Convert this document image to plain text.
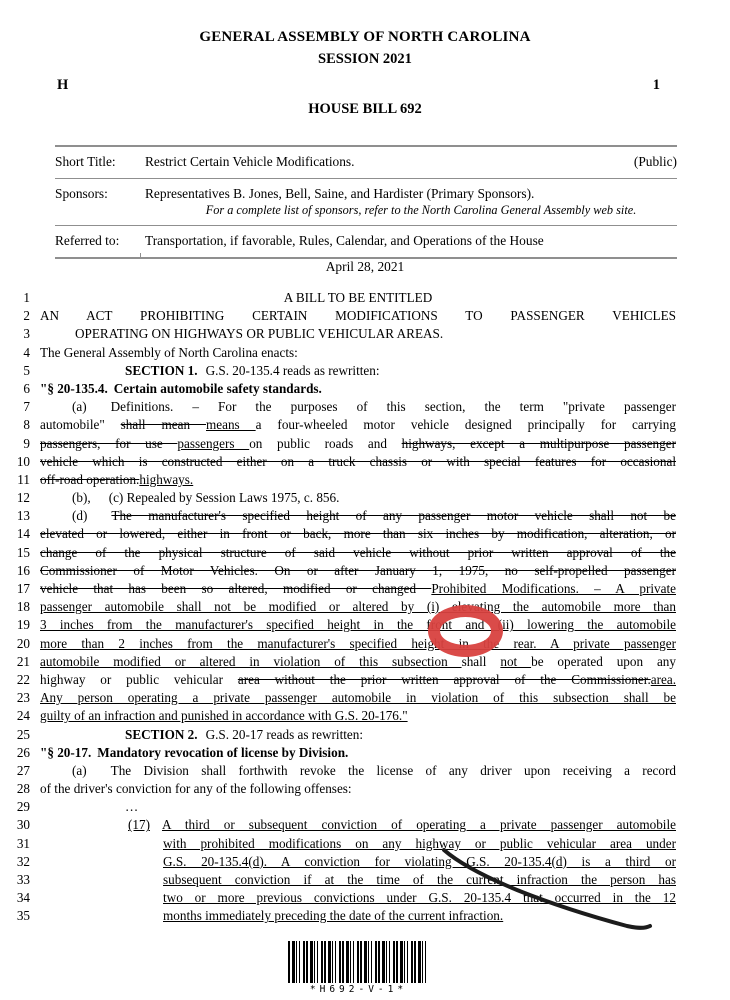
GENERAL ASSEMBLY OF NORTH CAROLINA
SESSION 2021
H	1
HOUSE BILL 692
Short Title:	Restrict Certain Vehicle Modifications.	(Public)
Sponsors:	Representatives B. Jones, Bell, Saine, and Hardister (Primary Sponsors).
For a complete list of sponsors, refer to the North Carolina General Assembly web site.
Referred to:	Transportation, if favorable, Rules, Calendar, and Operations of the House
April 28, 2021
1	A BILL TO BE ENTITLED
2 AN ACT PROHIBITING CERTAIN MODIFICATIONS TO PASSENGER VEHICLES
3	OPERATING ON HIGHWAYS OR PUBLIC VEHICULAR AREAS.
4 The General Assembly of North Carolina enacts:
5	SECTION 1. G.S. 20-135.4 reads as rewritten:
6 "§ 20-135.4. Certain automobile safety standards.
7	(a) Definitions. – For the purposes of this section, the term "private passenger
8 automobile" shall mean means a four-wheeled motor vehicle designed principally for carrying
9 passengers, for use passengers on public roads and highways, except a multipurpose passenger
10 vehicle which is constructed either on a truck chassis or with special features for occasional
11 off-road operation.highways.
12	(b), (c) Repealed by Session Laws 1975, c. 856.
13	(d) The manufacturer's specified height of any passenger motor vehicle shall not be
14 elevated or lowered, either in front or back, more than six inches by modification, alteration, or
15 change of the physical structure of said vehicle without prior written approval of the
16 Commissioner of Motor Vehicles. On or after January 1, 1975, no self-propelled passenger
17 vehicle that has been so altered, modified or changed Prohibited Modifications. – A private
18 passenger automobile shall not be modified or altered by (i) elevating the automobile more than
19 3 inches from the manufacturer's specified height in the front and (ii) lowering the automobile
20 more than 2 inches from the manufacturer's specified height in the rear. A private passenger
21 automobile modified or altered in violation of this subsection shall not be operated upon any
22 highway or public vehicular area without the prior written approval of the Commissioner.area.
23 Any person operating a private passenger automobile in violation of this subsection shall be
24 guilty of an infraction and punished in accordance with G.S. 20-176."
25	SECTION 2. G.S. 20-17 reads as rewritten:
26 "§ 20-17. Mandatory revocation of license by Division.
27	(a) The Division shall forthwith revoke the license of any driver upon receiving a record
28 of the driver's conviction for any of the following offenses:
29	…
30	(17) A third or subsequent conviction of operating a private passenger automobile
31	with prohibited modifications on any highway or public vehicular area under
32	G.S. 20-135.4(d). A conviction for violating G.S. 20-135.4(d) is a third or
33	subsequent conviction if at the time of the current infraction the person has
34	two or more previous convictions under G.S. 20-135.4 that occurred in the 12
35	months immediately preceding the date of the current infraction.
*H692-V-1*
